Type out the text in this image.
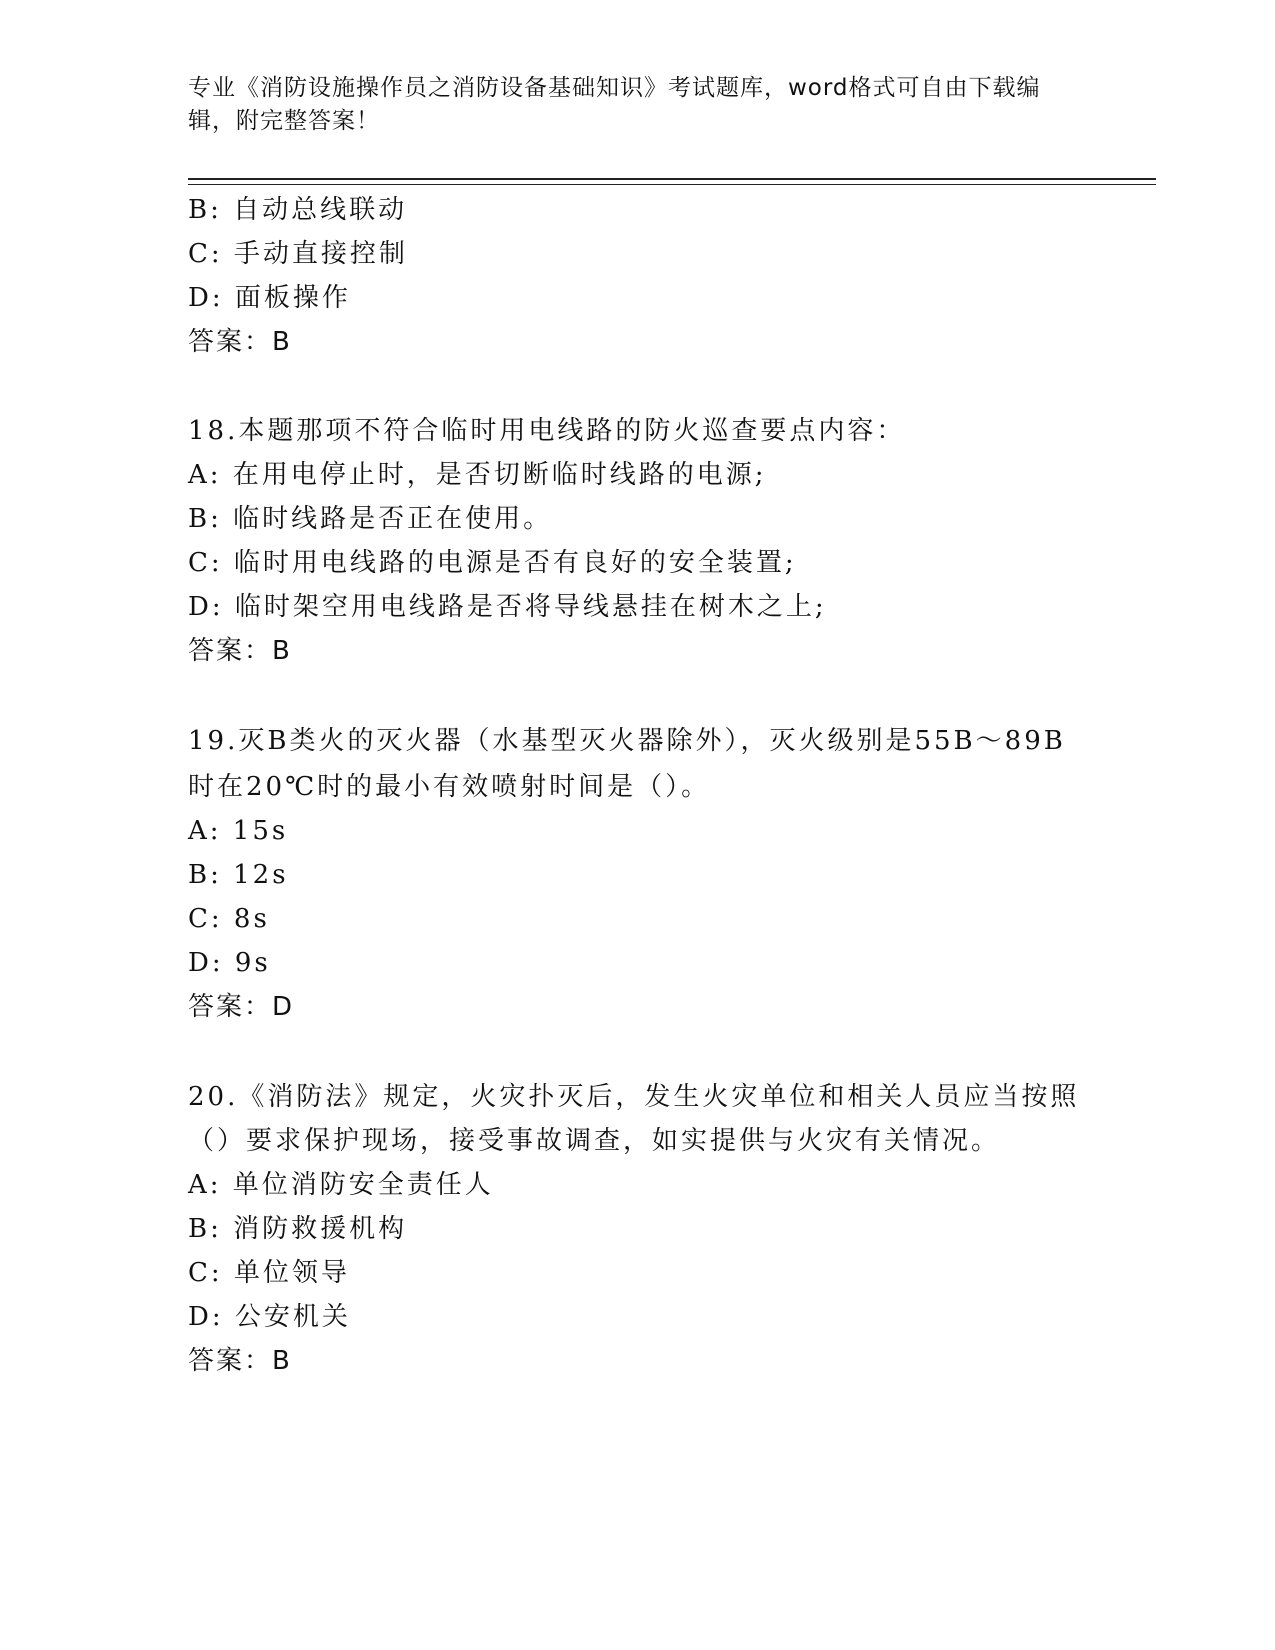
专业《消防设施操作员之消防设备基础知识》考试题库，word格式可自由下载编
辑，附完整答案！
B: 自动总线联动
C: 手动直接控制
D: 面板操作
答案：B
18.本题那项不符合临时用电线路的防火巡查要点内容：
A: 在用电停止时，是否切断临时线路的电源;
B: 临时线路是否正在使用。
C: 临时用电线路的电源是否有良好的安全装置;
D: 临时架空用电线路是否将导线悬挂在树木之上;
答案：B
19.灭B类火的灭火器（水基型灭火器除外），灭火级别是55B～89B
时在20℃时的最小有效喷射时间是（）。
A: 15s
B: 12s
C: 8s
D: 9s
答案：D
20.《消防法》规定，火灾扑灭后，发生火灾单位和相关人员应当按照
（）要求保护现场，接受事故调查，如实提供与火灾有关情况。
A: 单位消防安全责任人
B: 消防救援机构
C: 单位领导
D: 公安机关
答案：B
